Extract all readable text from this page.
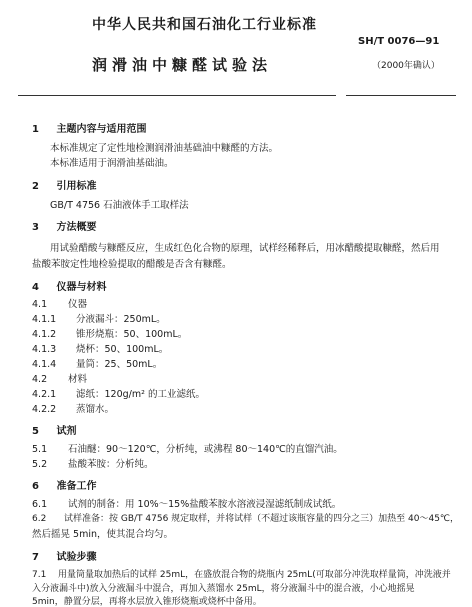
中华人民共和国石油化工行业标准
SH/T 0076—91
润滑油中糠醛试验法	（2000年确认）
1 主题内容与适用范围
本标准规定了定性地检测润滑油基础油中糠醛的方法。
本标准适用于润滑油基础油。
2 引用标准
GB/T 4756 石油液体手工取样法
3 方法概要
用试验醋酸与糠醛反应，生成红色化合物的原理，试样经稀释后，用冰醋酸提取糠醛，然后用
盐酸苯胺定性地检验提取的醋酸是否含有糠醛。
4 仪器与材料
4.1 仪器
4.1.1 分液漏斗：250mL。
4.1.2 锥形烧瓶：50、100mL。
4.1.3 烧杯：50、100mL。
4.1.4 量筒：25、50mL。
4.2 材料
4.2.1 滤纸：120g/m² 的工业滤纸。
4.2.2 蒸馏水。
5 试剂
5.1 石油醚：90～120℃，分析纯，或沸程 80～140℃的直馏汽油。
5.2 盐酸苯胺：分析纯。
6 准备工作
6.1 试剂的制备：用 10%～15%盐酸苯胺水溶液浸湿滤纸制成试纸。
6.2 试样准备：按 GB/T 4756 规定取样，并将试样（不超过该瓶容量的四分之三）加热至 40～45℃，
然后摇晃 5min，使其混合均匀。
7 试验步骤
7.1 用量筒量取加热后的试样 25mL，在盛放混合物的烧瓶内 25mL(可取部分冲洗取样量筒，冲洗液并
入分液漏斗中)放入分液漏斗中混合，再加入蒸馏水 25mL，将分液漏斗中的混合液，小心地摇晃
5min，静置分层，再将水层放入锥形烧瓶或烧杯中备用。
